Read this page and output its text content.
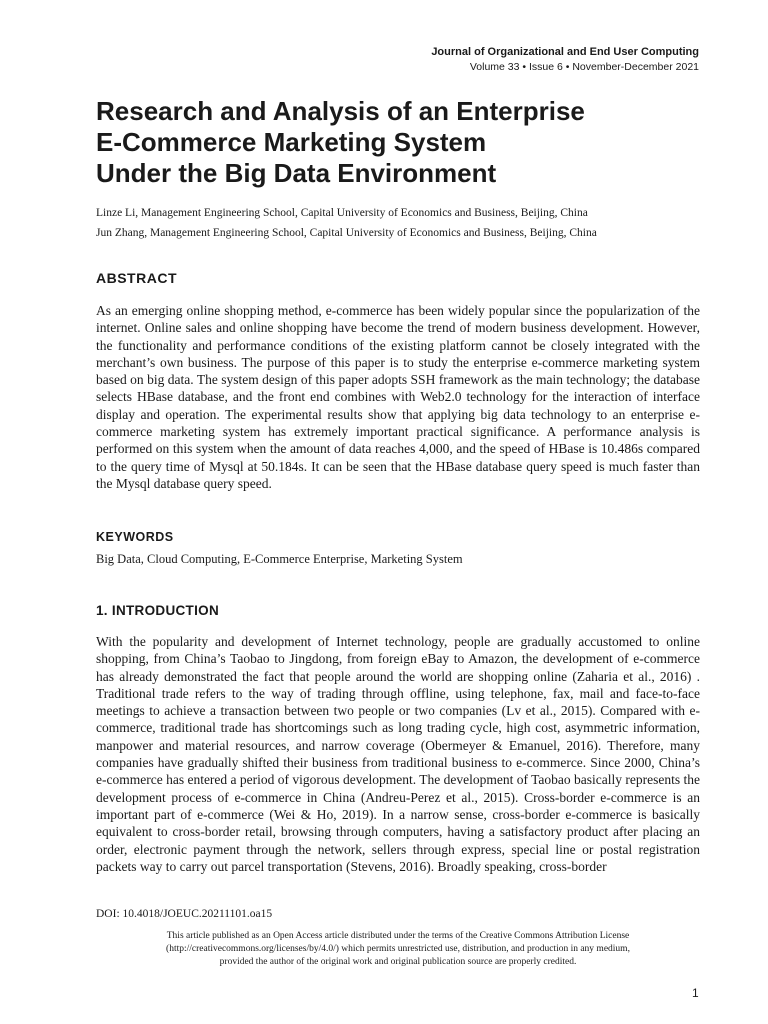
Journal of Organizational and End User Computing
Volume 33 • Issue 6 • November-December 2021
Research and Analysis of an Enterprise
E-Commerce Marketing System
Under the Big Data Environment
Linze Li, Management Engineering School, Capital University of Economics and Business, Beijing, China
Jun Zhang, Management Engineering School, Capital University of Economics and Business, Beijing, China
ABSTRACT

As an emerging online shopping method, e-commerce has been widely popular since the popularization of the internet. Online sales and online shopping have become the trend of modern business development. However, the functionality and performance conditions of the existing platform cannot be closely integrated with the merchant’s own business. The purpose of this paper is to study the enterprise e-commerce marketing system based on big data. The system design of this paper adopts SSH framework as the main technology; the database selects HBase database, and the front end combines with Web2.0 technology for the interaction of interface display and operation. The experimental results show that applying big data technology to an enterprise e-commerce marketing system has extremely important practical significance. A performance analysis is performed on this system when the amount of data reaches 4,000, and the speed of HBase is 10.486s compared to the query time of Mysql at 50.184s. It can be seen that the HBase database query speed is much faster than the Mysql database query speed.

KEYWORDS

Big Data, Cloud Computing, E-Commerce Enterprise, Marketing System

1. INTRODUCTION

With the popularity and development of Internet technology, people are gradually accustomed to online shopping, from China’s Taobao to Jingdong, from foreign eBay to Amazon, the development of e-commerce has already demonstrated the fact that people around the world are shopping online (Zaharia et al., 2016) . Traditional trade refers to the way of trading through offline, using telephone, fax, mail and face-to-face meetings to achieve a transaction between two people or two companies (Lv et al., 2015). Compared with e-commerce, traditional trade has shortcomings such as long trading cycle, high cost, asymmetric information, manpower and material resources, and narrow coverage (Obermeyer & Emanuel, 2016). Therefore, many companies have gradually shifted their business from traditional business to e-commerce. Since 2000, China’s e-commerce has entered a period of vigorous development. The development of Taobao basically represents the development process of e-commerce in China (Andreu-Perez et al., 2015). Cross-border e-commerce is an important part of e-commerce (Wei & Ho, 2019). In a narrow sense, cross-border e-commerce is basically equivalent to cross-border retail, browsing through computers, having a satisfactory product after placing an order, electronic payment through the network, sellers through express, special line or postal registration packets way to carry out parcel transportation (Stevens, 2016). Broadly speaking, cross-border

DOI: 10.4018/JOEUC.20211101.oa15
This article published as an Open Access article distributed under the terms of the Creative Commons Attribution License
(http://creativecommons.org/licenses/by/4.0/) which permits unrestricted use, distribution, and production in any medium,
provided the author of the original work and original publication source are properly credited.
1
